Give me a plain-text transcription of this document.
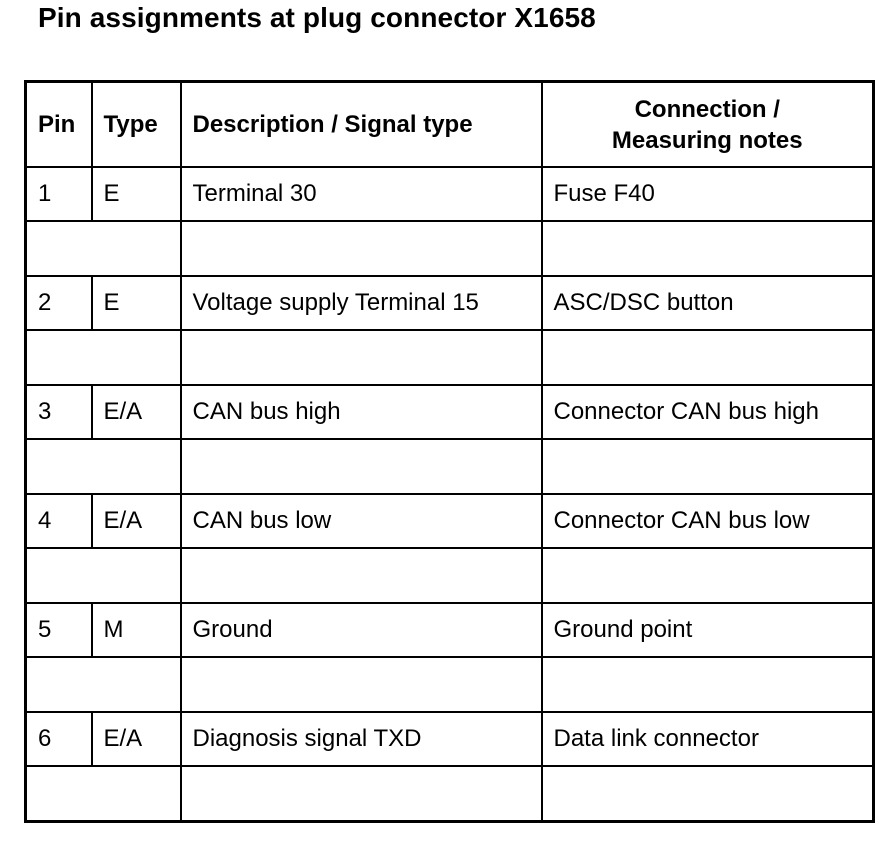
Pin assignments at plug connector X1658
Pin	Type	Description / Signal type	Connection /
Measuring notes

1	E	Terminal 30	Fuse F40

2	E	Voltage supply Terminal 15	ASC/DSC button

3	E/A	CAN bus high	Connector CAN bus high

4	E/A	CAN bus low	Connector CAN bus low

5	M	Ground	Ground point

6	E/A	Diagnosis signal TXD	Data link connector
